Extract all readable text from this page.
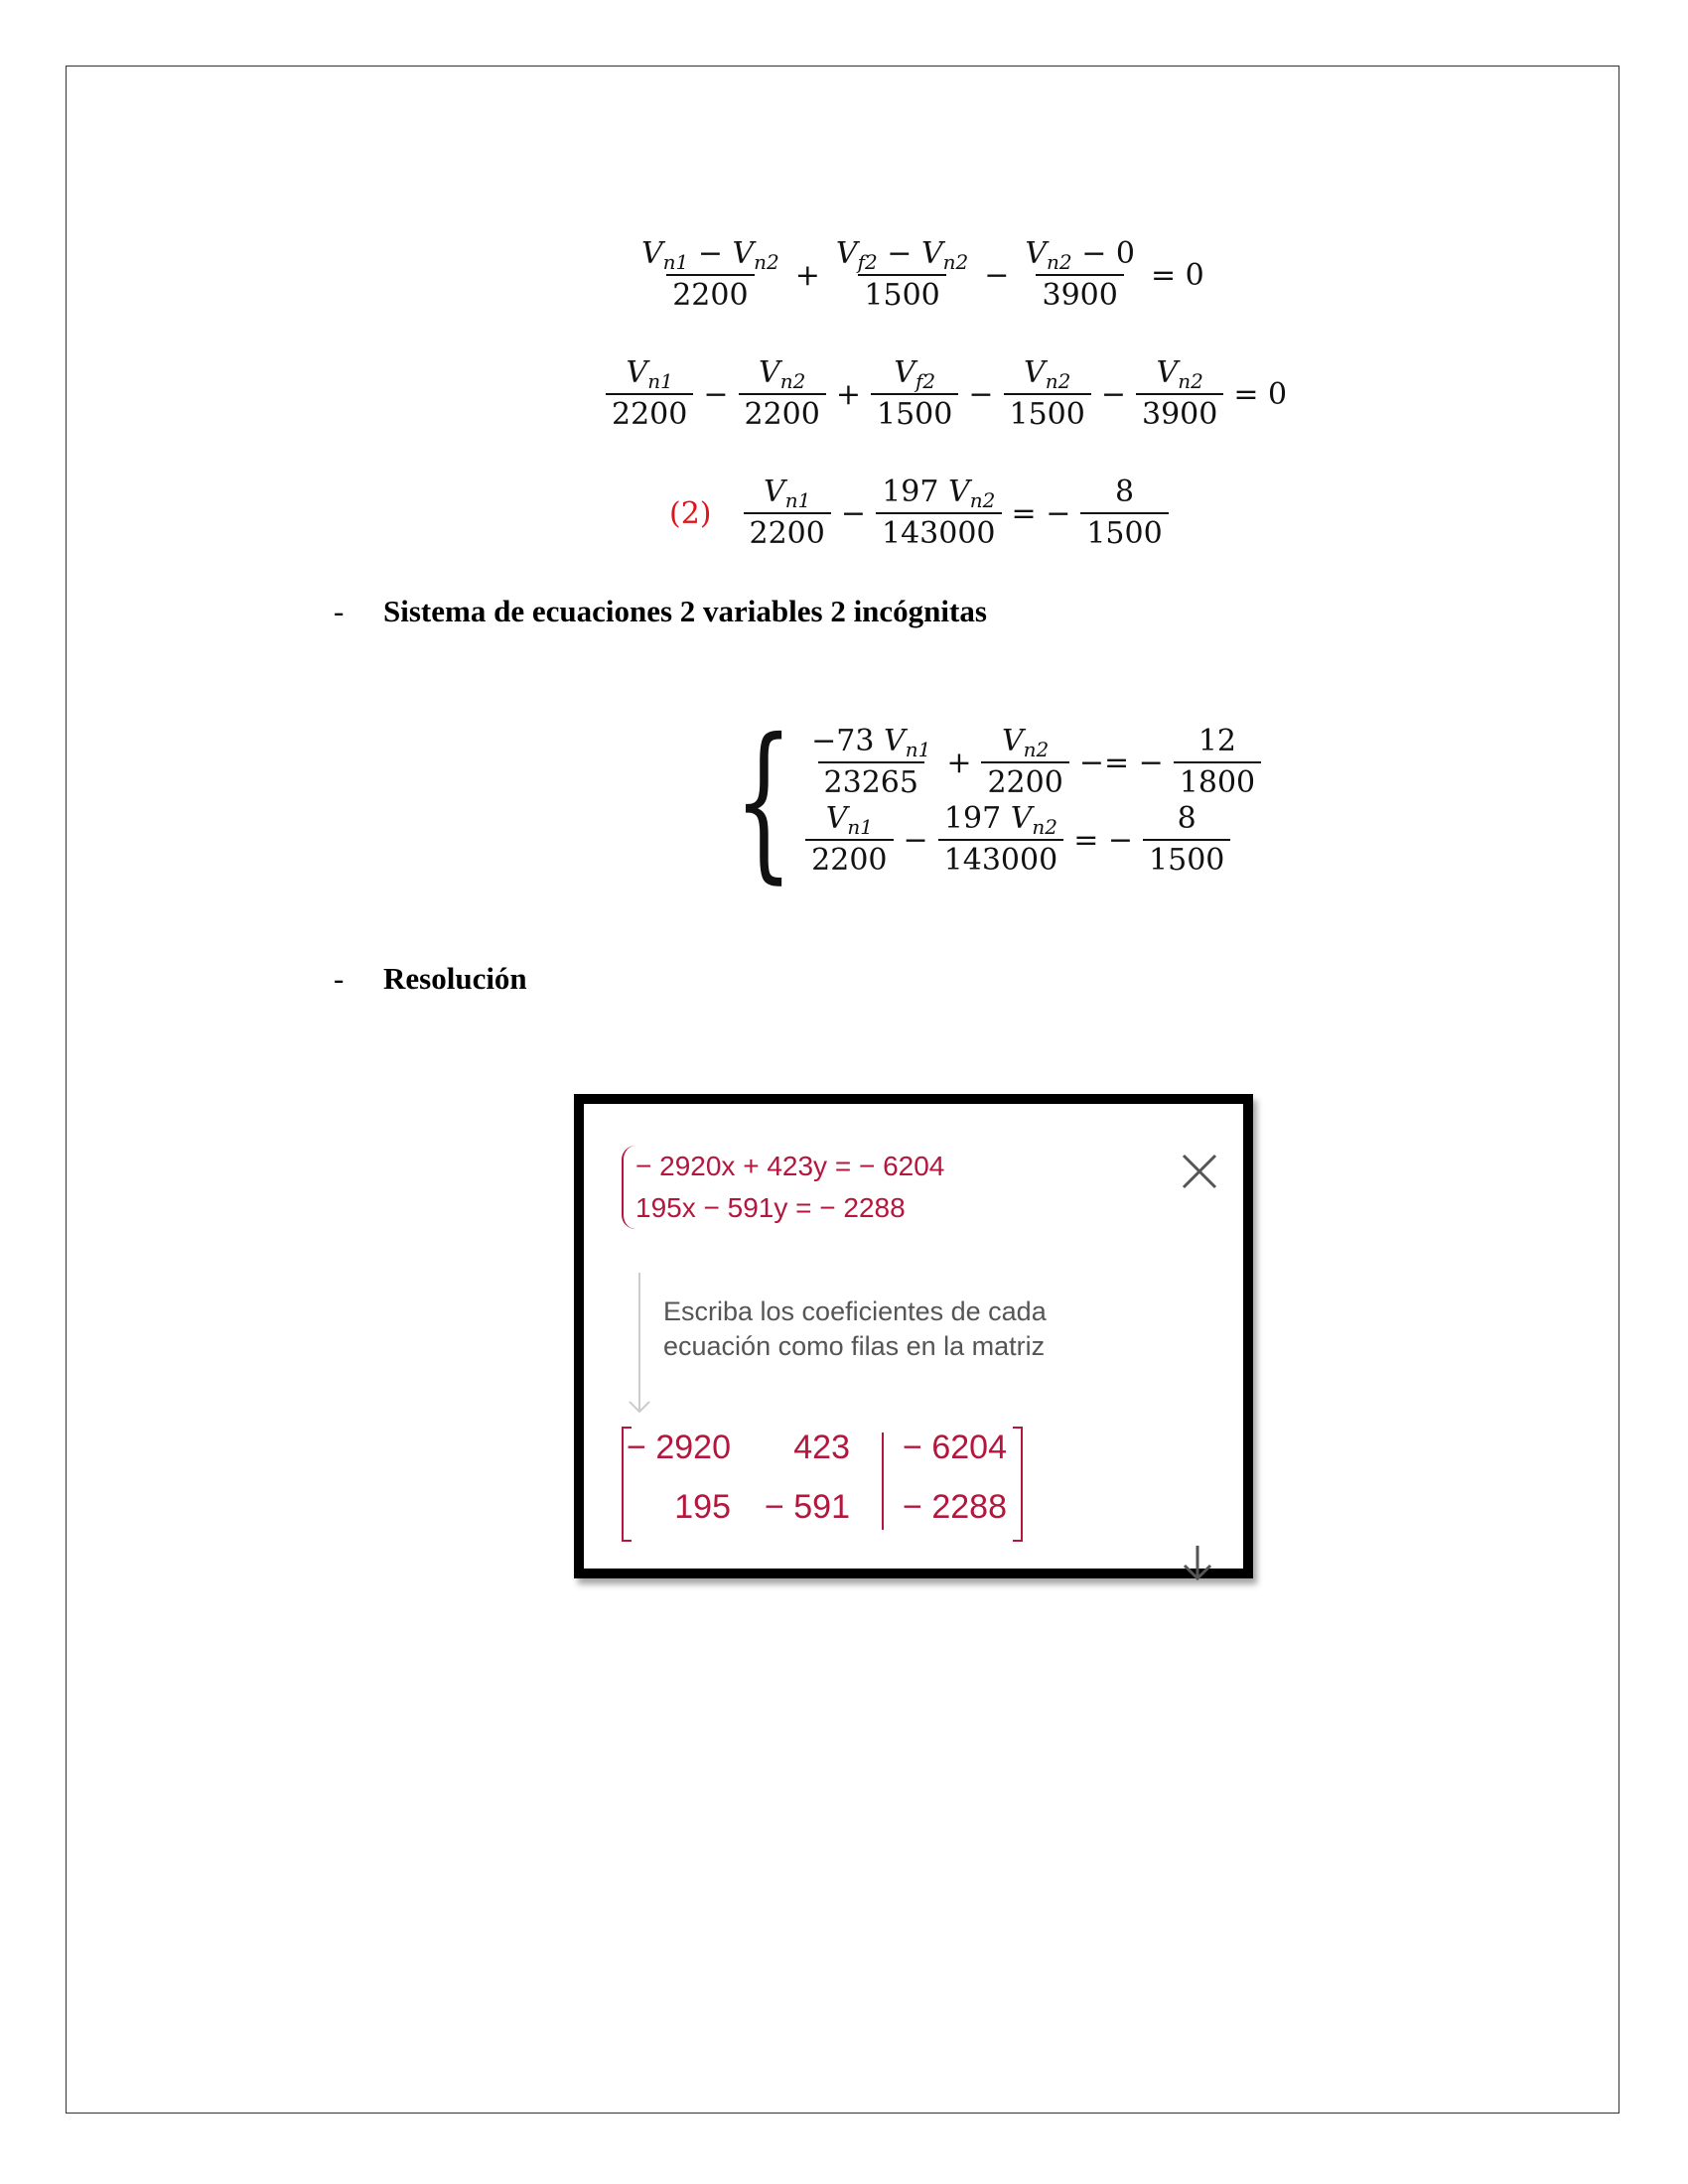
$\frac{V_{n1} - V_{n2}}{2200} + \frac{V_{f2} - V_{n2}}{1500} - \frac{V_{n2} - 0}{3900} = 0$
$\frac{V_{n1}}{2200} - \frac{V_{n2}}{2200} + \frac{V_{f2}}{1500} - \frac{V_{n2}}{1500} - \frac{V_{n2}}{3900} = 0$
$(2) \frac{V_{n1}}{2200} - \frac{197 V_{n2}}{143000}$ = − $\frac{8}{1500}$
- Sistema de ecuaciones 2 variables 2 incógnitas
{ $\frac{-73 V_{n1}}{23265} + \frac{V_{n2}}{2200}$ −= − $\frac{12}{1800}$
$\frac{V_{n1}}{2200} - \frac{197 V_{n2}}{143000}$ = − $\frac{8}{1500}$
- Resolución
− 2920x + 423y = − 6204
195x − 591y = − 2288
Escriba los coeficientes de cada
ecuación como filas en la matriz
− 2920	423 − 6204
195 − 591 − 2288
